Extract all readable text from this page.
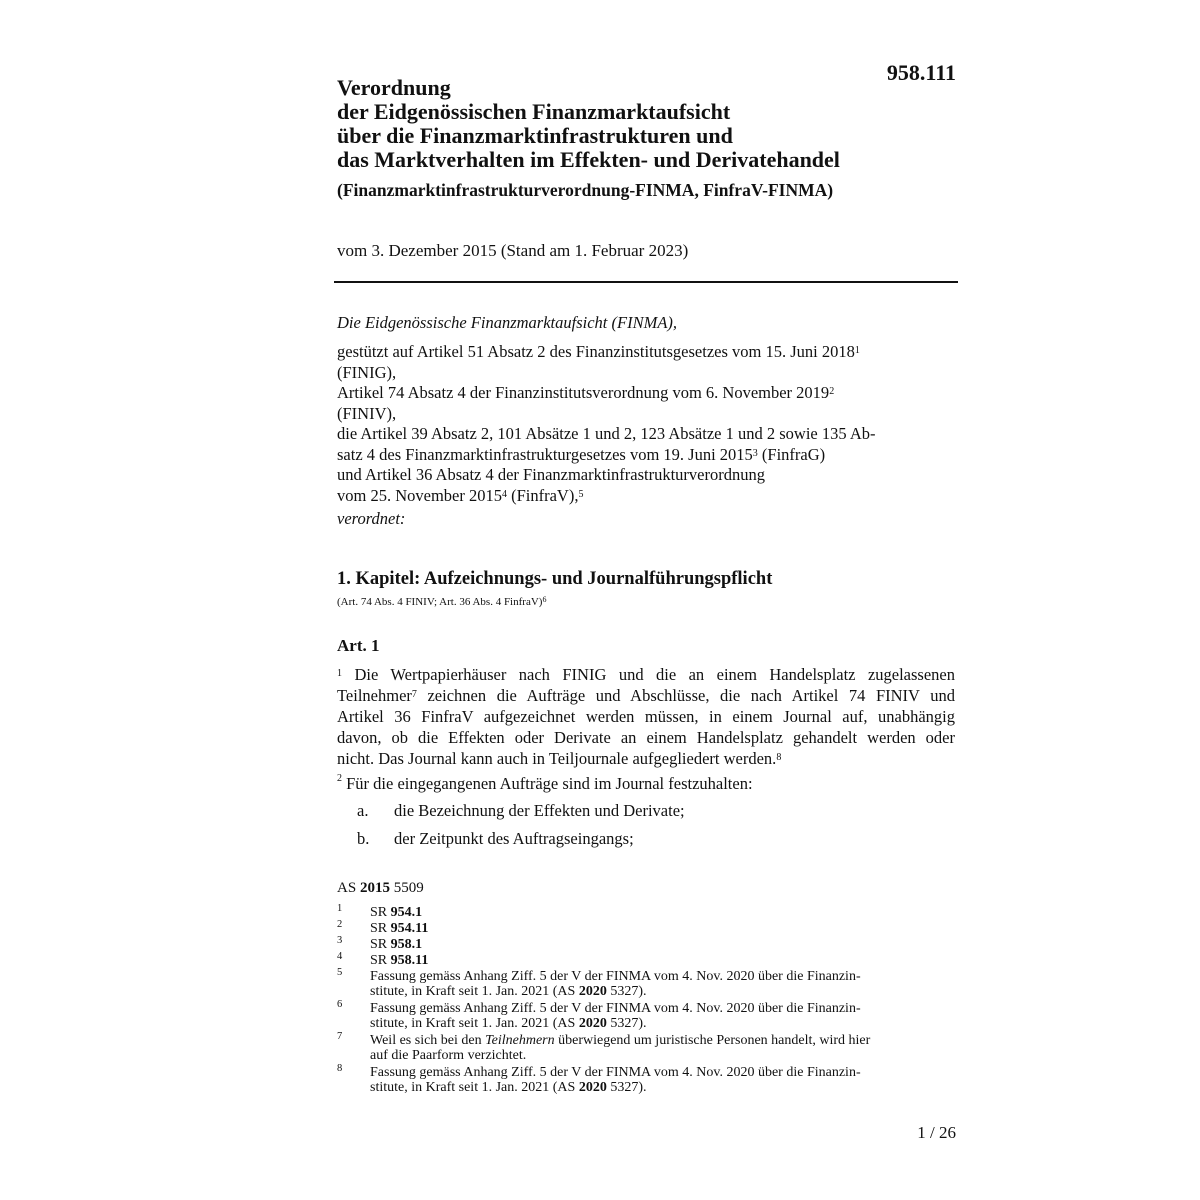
958.111
Verordnung
der Eidgenössischen Finanzmarktaufsicht
über die Finanzmarktinfrastrukturen und
das Marktverhalten im Effekten- und Derivatehandel
(Finanzmarktinfrastrukturverordnung-FINMA, FinfraV-FINMA)
vom 3. Dezember 2015 (Stand am 1. Februar 2023)
Die Eidgenössische Finanzmarktaufsicht (FINMA),
gestützt auf Artikel 51 Absatz 2 des Finanzinstitutsgesetzes vom 15. Juni 2018$^1$
(FINIG),
Artikel 74 Absatz 4 der Finanzinstitutsverordnung vom 6. November 2019$^2$
(FINIV),
die Artikel 39 Absatz 2, 101 Absätze 1 und 2, 123 Absätze 1 und 2 sowie 135 Ab-
satz 4 des Finanzmarktinfrastrukturgesetzes vom 19. Juni 2015$^3$ (FinfraG)
und Artikel 36 Absatz 4 der Finanzmarktinfrastrukturverordnung
vom 25. November 2015$^4$ (FinfraV),$^5$
verordnet:
1. Kapitel: Aufzeichnungs- und Journalführungspflicht
(Art. 74 Abs. 4 FINIV; Art. 36 Abs. 4 FinfraV)$^6$
Art. 1
$^1$ Die Wertpapierhäuser nach FINIG und die an einem Handelsplatz zugelassenen
Teilnehmer$^7$ zeichnen die Aufträge und Abschlüsse, die nach Artikel 74 FINIV und
Artikel 36 FinfraV aufgezeichnet werden müssen, in einem Journal auf, unabhängig
davon, ob die Effekten oder Derivate an einem Handelsplatz gehandelt werden oder
nicht. Das Journal kann auch in Teiljournale aufgegliedert werden.$^8$
$^2$ Für die eingegangenen Aufträge sind im Journal festzuhalten:
a. die Bezeichnung der Effekten und Derivate;
b. der Zeitpunkt des Auftragseingangs;
AS 2015 5509
1 SR 954.1
2 SR 954.11
3 SR 958.1
4 SR 958.11
5 Fassung gemäss Anhang Ziff. 5 der V der FINMA vom 4. Nov. 2020 über die Finanzin-
stitute, in Kraft seit 1. Jan. 2021 (AS 2020 5327).
6 Fassung gemäss Anhang Ziff. 5 der V der FINMA vom 4. Nov. 2020 über die Finanzin-
stitute, in Kraft seit 1. Jan. 2021 (AS 2020 5327).
7 Weil es sich bei den Teilnehmern überwiegend um juristische Personen handelt, wird hier
auf die Paarform verzichtet.
8 Fassung gemäss Anhang Ziff. 5 der V der FINMA vom 4. Nov. 2020 über die Finanzin-
stitute, in Kraft seit 1. Jan. 2021 (AS 2020 5327).
1 / 26
